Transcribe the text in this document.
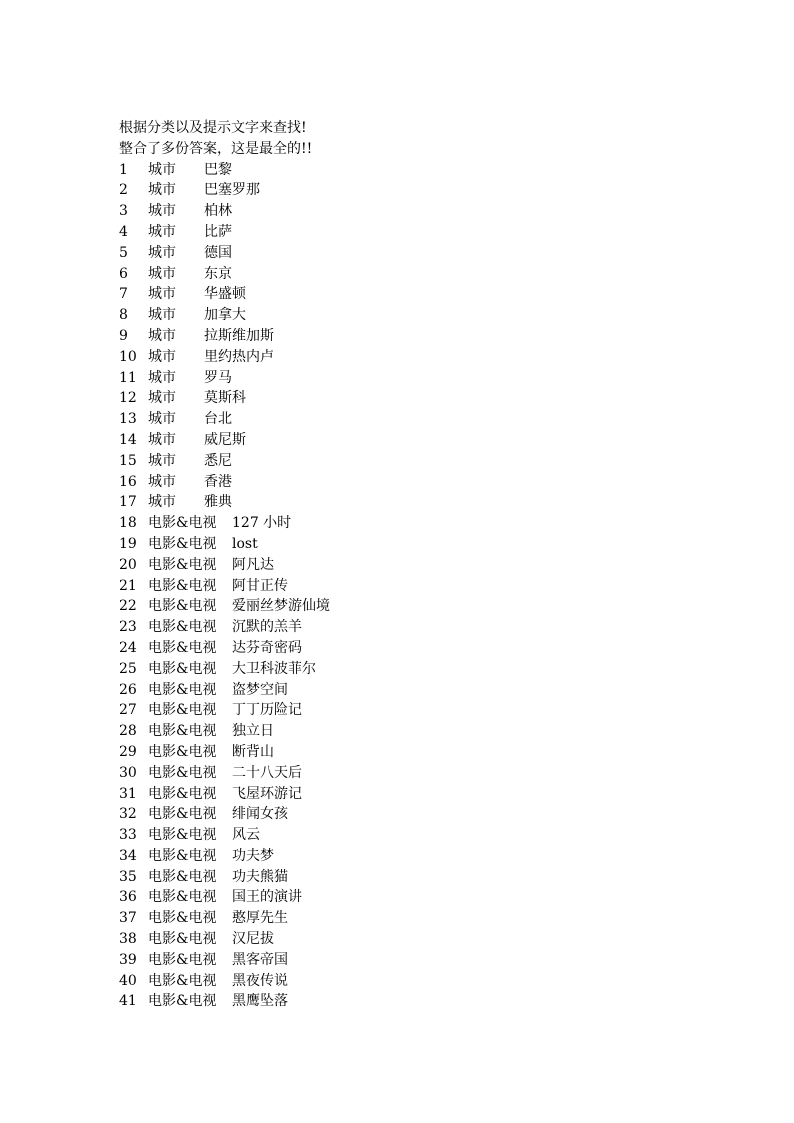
根据分类以及提示文字来查找!
整合了多份答案，这是最全的!!
1	城市 巴黎
2	城市 巴塞罗那
3	城市 柏林
4	城市 比萨
5	城市 德国
6	城市 东京
7	城市 华盛顿
8	城市 加拿大
9	城市 拉斯维加斯
10 城市 里约热内卢
11 城市 罗马
12 城市 莫斯科
13 城市 台北
14 城市 威尼斯
15 城市 悉尼
16 城市 香港
17 城市 雅典
18 电影&电视 127 小时
19 电影&电视 lost
20 电影&电视 阿凡达
21 电影&电视 阿甘正传
22 电影&电视 爱丽丝梦游仙境
23 电影&电视 沉默的羔羊
24 电影&电视 达芬奇密码
25 电影&电视 大卫科波菲尔
26 电影&电视 盗梦空间
27 电影&电视 丁丁历险记
28 电影&电视 独立日
29 电影&电视 断背山
30 电影&电视 二十八天后
31 电影&电视 飞屋环游记
32 电影&电视 绯闻女孩
33 电影&电视 风云
34 电影&电视 功夫梦
35 电影&电视 功夫熊猫
36 电影&电视 国王的演讲
37 电影&电视 憨厚先生
38 电影&电视 汉尼拔
39 电影&电视 黑客帝国
40 电影&电视 黑夜传说
41 电影&电视 黑鹰坠落
